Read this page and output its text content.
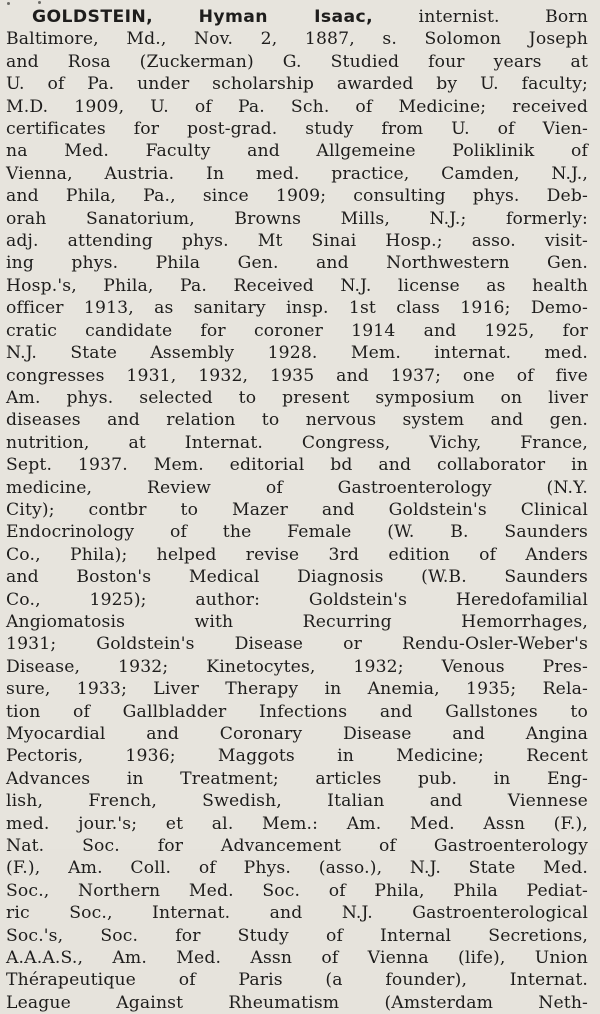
GOLDSTEIN,	Hyman Isaac,	internist. Born
Baltimore, Md., Nov. 2, 1887, s. Solomon Joseph
and Rosa (Zuckerman) G. Studied four years at
U. of Pa. under scholarship awarded by U. faculty;
M.D. 1909, U. of Pa. Sch. of Medicine; received
certificates for post-grad. study from U. of Vien-
na Med. Faculty and Allgemeine Poliklinik of
Vienna, Austria. In med. practice, Camden, N.J.,
and Phila, Pa., since 1909; consulting phys. Deb-
orah Sanatorium, Browns Mills, N.J.; formerly:
adj. attending phys. Mt Sinai Hosp.; asso. visit-
ing phys. Phila Gen. and Northwestern Gen.
Hosp.'s, Phila, Pa. Received N.J. license as health
officer 1913, as sanitary insp. 1st class 1916; Demo-
cratic candidate for coroner 1914 and 1925, for
N.J. State Assembly 1928. Mem. internat. med.
congresses 1931, 1932, 1935 and 1937; one of five
Am. phys. selected to present symposium on liver
diseases and relation to nervous system and gen.
nutrition, at Internat. Congress, Vichy, France,
Sept. 1937. Mem. editorial bd and collaborator in
medicine, Review of Gastroenterology (N.Y.
City); contbr to Mazer and Goldstein's Clinical
Endocrinology of the Female (W. B. Saunders
Co., Phila); helped revise 3rd edition of Anders
and Boston's Medical Diagnosis (W.B. Saunders
Co., 1925); author: Goldstein's Heredofamilial
Angiomatosis with Recurring Hemorrhages,
1931; Goldstein's Disease or Rendu-Osler-Weber's
Disease, 1932; Kinetocytes, 1932; Venous Pres-
sure, 1933; Liver Therapy in Anemia, 1935; Rela-
tion of Gallbladder Infections and Gallstones to
Myocardial and Coronary Disease and Angina
Pectoris, 1936; Maggots in Medicine; Recent
Advances in Treatment; articles pub. in Eng-
lish, French, Swedish, Italian and Viennese
med. jour.'s; et al. Mem.: Am. Med. Assn (F.),
Nat. Soc. for Advancement of Gastroenterology
(F.), Am. Coll. of Phys. (asso.), N.J. State Med.
Soc., Northern Med. Soc. of Phila, Phila Pediat-
ric Soc., Internat. and N.J. Gastroenterological
Soc.'s, Soc. for Study of Internal Secretions,
A.A.A.S., Am. Med. Assn of Vienna (life), Union
Thérapeutique of Paris (a founder), Internat.
League Against Rheumatism (Amsterdam Neth-
